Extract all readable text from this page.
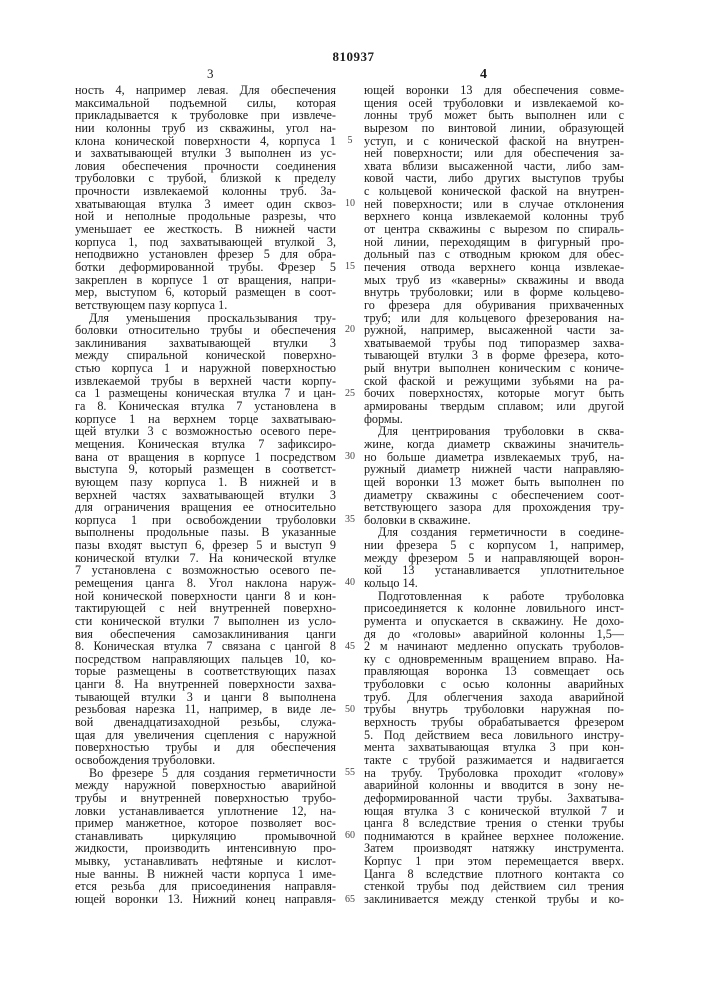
810937
3	4
ность 4, например левая. Для обеспечения
максимальной подъемной силы, которая
прикладывается к труболовке при извлече-
нии колонны труб из скважины, угол на-
клона конической поверхности 4, корпуса 1
и захватывающей втулки 3 выполнен из ус-
ловия обеспечения прочности соединения
труболовки с трубой, близкой к пределу
прочности извлекаемой колонны труб. За-
хватывающая втулка 3 имеет один сквоз-
ной и неполные продольные разрезы, что
уменьшает ее жесткость. В нижней части
корпуса 1, под захватывающей втулкой 3,
неподвижно установлен фрезер 5 для обра-
ботки деформированной трубы. Фрезер 5
закреплен в корпусе 1 от вращения, напри-
мер, выступом 6, который размещен в соот-
ветствующем пазу корпуса 1.
Для уменьшения проскальзывания тру-
боловки относительно трубы и обеспечения
заклинивания захватывающей втулки 3
между спиральной конической поверхно-
стью корпуса 1 и наружной поверхностью
извлекаемой трубы в верхней части корпу-
са 1 размещены коническая втулка 7 и цан-
га 8. Коническая втулка 7 установлена в
корпусе 1 на верхнем торце захватываю-
щей втулки 3 с возможностью осевого пере-
мещения. Коническая втулка 7 зафиксиро-
вана от вращения в корпусе 1 посредством
выступа 9, который размещен в соответст-
вующем пазу корпуса 1. В нижней и в
верхней частях захватывающей втулки 3
для ограничения вращения ее относительно
корпуса 1 при освобождении труболовки
выполнены продольные пазы. В указанные
пазы входят выступ 6, фрезер 5 и выступ 9
конической втулки 7. На конической втулке
7 установлена с возможностью осевого пе-
ремещения цанга 8. Угол наклона наруж-
ной конической поверхности цанги 8 и кон-
тактирующей с ней внутренней поверхно-
сти конической втулки 7 выполнен из усло-
вия обеспечения самозаклинивания цанги
8. Коническая втулка 7 связана с цангой 8
посредством направляющих пальцев 10, ко-
торые размещены в соответствующих пазах
цанги 8. На внутренней поверхности захва-
тывающей втулки 3 и цанги 8 выполнена
резьбовая нарезка 11, например, в виде ле-
вой двенадцатизаходной резьбы, служа-
щая для увеличения сцепления с наружной
поверхностью трубы и для обеспечения
освобождения труболовки.
Во фрезере 5 для создания герметичности
между наружной поверхностью аварийной
трубы и внутренней поверхностью трубо-
ловки устанавливается уплотнение 12, на-
пример манжетное, которое позволяет вос-
станавливать циркуляцию промывочной
жидкости, производить интенсивную про-
мывку, устанавливать нефтяные и кислот-
ные ванны. В нижней части корпуса 1 име-
ется резьба для присоединения направля-
ющей воронки 13. Нижний конец направля-
5
10
15
20
25
30
35
40
45
50
55
60
65
ющей воронки 13 для обеспечения совме-
щения осей труболовки и извлекаемой ко-
лонны труб может быть выполнен или с
вырезом по винтовой линии, образующей
уступ, и с конической фаской на внутрен-
ней поверхности; или для обеспечения за-
хвата вблизи высаженной части, либо зам-
ковой части, либо других выступов трубы
с кольцевой конической фаской на внутрен-
ней поверхности; или в случае отклонения
верхнего конца извлекаемой колонны труб
от центра скважины с вырезом по спираль-
ной линии, переходящим в фигурный про-
дольный паз с отводным крюком для обес-
печения отвода верхнего конца извлекае-
мых труб из «каверны» скважины и ввода
внутрь труболовки; или в форме кольцево-
го фрезера для обуривания прихваченных
труб; или для кольцевого фрезерования на-
ружной, например, высаженной части за-
хватываемой трубы под типоразмер захва-
тывающей втулки 3 в форме фрезера, кото-
рый внутри выполнен коническим с кониче-
ской фаской и режущими зубьями на ра-
бочих поверхностях, которые могут быть
армированы твердым сплавом; или другой
формы.
Для центрирования труболовки в сква-
жине, когда диаметр скважины значитель-
но больше диаметра извлекаемых труб, на-
ружный диаметр нижней части направляю-
щей воронки 13 может быть выполнен по
диаметру скважины с обеспечением соот-
ветствующего зазора для прохождения тру-
боловки в скважине.
Для создания герметичности в соедине-
нии фрезера 5 с корпусом 1, например,
между фрезером 5 и направляющей ворон-
кой 13 устанавливается уплотнительное
кольцо 14.
Подготовленная к работе труболовка
присоединяется к колонне ловильного инст-
румента и опускается в скважину. Не дохо-
дя до «головы» аварийной колонны 1,5—
2 м начинают медленно опускать труболов-
ку с одновременным вращением вправо. На-
правляющая воронка 13 совмещает ось
труболовки с осью колонны аварийных
труб. Для облегчения захода аварийной
трубы внутрь труболовки наружная по-
верхность трубы обрабатывается фрезером
5. Под действием веса ловильного инстру-
мента захватывающая втулка 3 при кон-
такте с трубой разжимается и надвигается
на трубу. Труболовка проходит «голову»
аварийной колонны и вводится в зону не-
деформированной части трубы. Захватыва-
ющая втулка 3 с конической втулкой 7 и
цанга 8 вследствие трения о стенки трубы
поднимаются в крайнее верхнее положение.
Затем производят натяжку инструмента.
Корпус 1 при этом перемещается вверх.
Цанга 8 вследствие плотного контакта со
стенкой трубы под действием сил трения
заклинивается между стенкой трубы и ко-
